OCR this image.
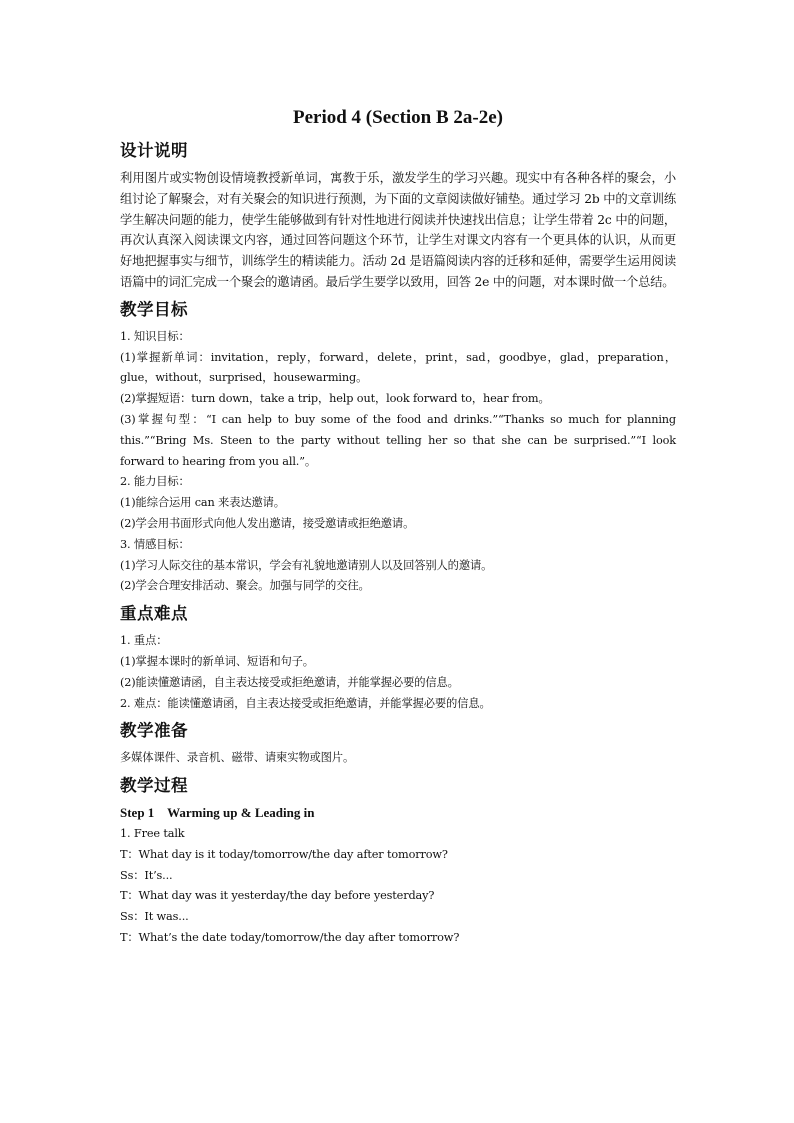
Period 4 (Section B 2a-2e)
设计说明

利用图片或实物创设情境教授新单词，寓教于乐，激发学生的学习兴趣。现实中有各种各样的聚会，小组讨论了解聚会，对有关聚会的知识进行预测，为下面的文章阅读做好铺垫。通过学习 2b 中的文章训练学生解决问题的能力，使学生能够做到有针对性地进行阅读并快速找出信息；让学生带着 2c 中的问题，再次认真深入阅读课文内容，通过回答问题这个环节，让学生对课文内容有一个更具体的认识，从而更好地把握事实与细节，训练学生的精读能力。活动 2d 是语篇阅读内容的迁移和延伸，需要学生运用阅读语篇中的词汇完成一个聚会的邀请函。最后学生要学以致用，回答 2e 中的问题，对本课时做一个总结。

教学目标

1. 知识目标：

(1)掌握新单词：invitation，reply，forward，delete，print，sad，goodbye，glad，preparation，glue，without，surprised，housewarming。

(2)掌握短语：turn down，take a trip，help out，look forward to，hear from。

(3)掌握句型：“I can help to buy some of the food and drinks.”“Thanks so much for planning this.”“Bring Ms. Steen to the party without telling her so that she can be surprised.”“I look forward to hearing from you all.”。

2. 能力目标：

(1)能综合运用 can 来表达邀请。

(2)学会用书面形式向他人发出邀请，接受邀请或拒绝邀请。

3. 情感目标：

(1)学习人际交往的基本常识，学会有礼貌地邀请别人以及回答别人的邀请。

(2)学会合理安排活动、聚会。加强与同学的交往。

重点难点

1. 重点：

(1)掌握本课时的新单词、短语和句子。

(2)能读懂邀请函，自主表达接受或拒绝邀请，并能掌握必要的信息。

2. 难点：能读懂邀请函，自主表达接受或拒绝邀请，并能掌握必要的信息。

教学准备

多媒体课件、录音机、磁带、请柬实物或图片。

教学过程

Step 1 Warming up & Leading in

1. Free talk

T：What day is it today/tomorrow/the day after tomorrow?

Ss：It’s...

T：What day was it yesterday/the day before yesterday?

Ss：It was...

T：What’s the date today/tomorrow/the day after tomorrow?
